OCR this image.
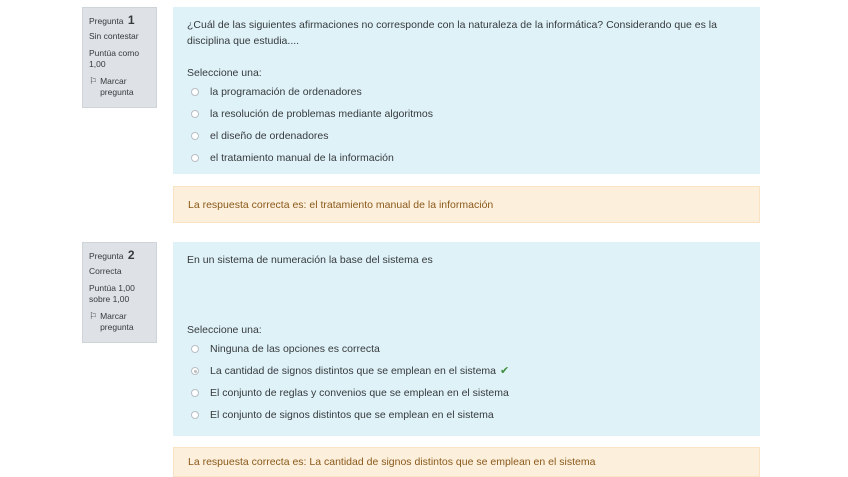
Pregunta 1
Sin contestar
Puntúa como 1,00
⚐ Marcar pregunta

¿Cuál de las siguientes afirmaciones no corresponde con la naturaleza de la informática? Considerando que es la disciplina que estudia....

Seleccione una:
la programación de ordenadores
la resolución de problemas mediante algoritmos
el diseño de ordenadores
el tratamiento manual de la información
La respuesta correcta es: el tratamiento manual de la información
Pregunta 2
Correcta
Puntúa 1,00 sobre 1,00
⚐ Marcar pregunta

En un sistema de numeración la base del sistema es

Seleccione una:
Ninguna de las opciones es correcta
La cantidad de signos distintos que se emplean en el sistema ✔
El conjunto de reglas y convenios que se emplean en el sistema
El conjunto de signos distintos que se emplean en el sistema
La respuesta correcta es: La cantidad de signos distintos que se emplean en el sistema
